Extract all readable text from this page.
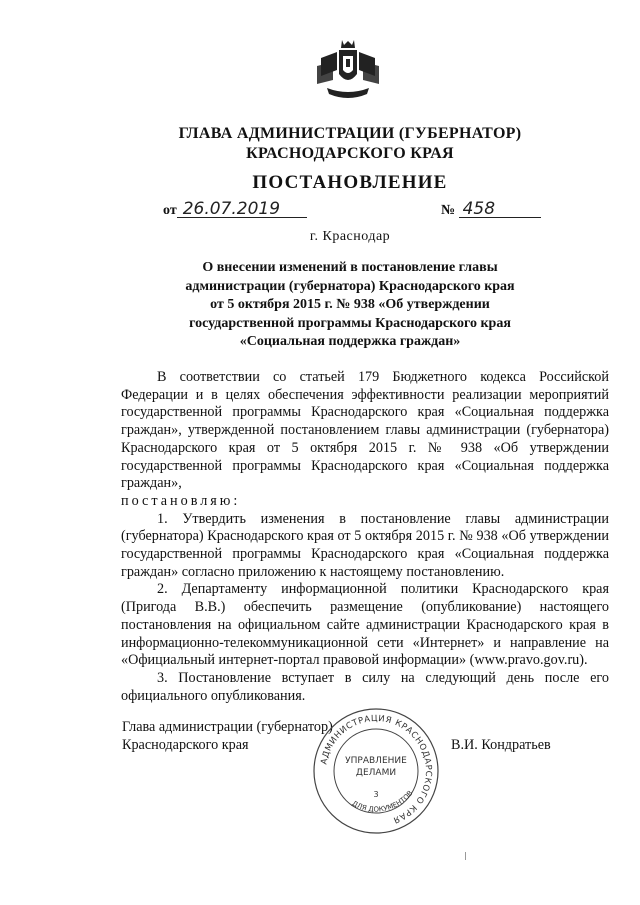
ГЛАВА АДМИНИСТРАЦИИ (ГУБЕРНАТОР)
КРАСНОДАРСКОГО КРАЯ
ПОСТАНОВЛЕНИЕ
от 26.07.2019	№ 458
г. Краснодар
О внесении изменений в постановление главы
администрации (губернатора) Краснодарского края
от 5 октября 2015 г. № 938 «Об утверждении
государственной программы Краснодарского края
«Социальная поддержка граждан»

В соответствии со статьей 179 Бюджетного кодекса Российской Федерации и в целях обеспечения эффективности реализации мероприятий государственной программы Краснодарского края «Социальная поддержка граждан», утвержденной постановлением главы администрации (губернатора) Краснодарского края от 5 октября 2015 г. № 938 «Об утверждении государственной программы Краснодарского края «Социальная поддержка граждан»,

постановляю:

1. Утвердить изменения в постановление главы администрации (губернатора) Краснодарского края от 5 октября 2015 г. № 938 «Об утверждении государственной программы Краснодарского края «Социальная поддержка граждан» согласно приложению к настоящему постановлению.

2. Департаменту информационной политики Краснодарского края (Пригода В.В.) обеспечить размещение (опубликование) настоящего постановления на официальном сайте администрации Краснодарского края в информационно-телекоммуникационной сети «Интернет» и направление на «Официальный интернет-портал правовой информации» (www.pravo.gov.ru).

3. Постановление вступает в силу на следующий день после его официального опубликования.

Глава администрации (губернатор)
Краснодарского края
АДМИНИСТРАЦИЯ КРАСНОДАРСКОГО КРАЯ
ДЛЯ ДОКУМЕНТОВ
УПРАВЛЕНИЕ
ДЕЛАМИ
3
В.И. Кондратьев
